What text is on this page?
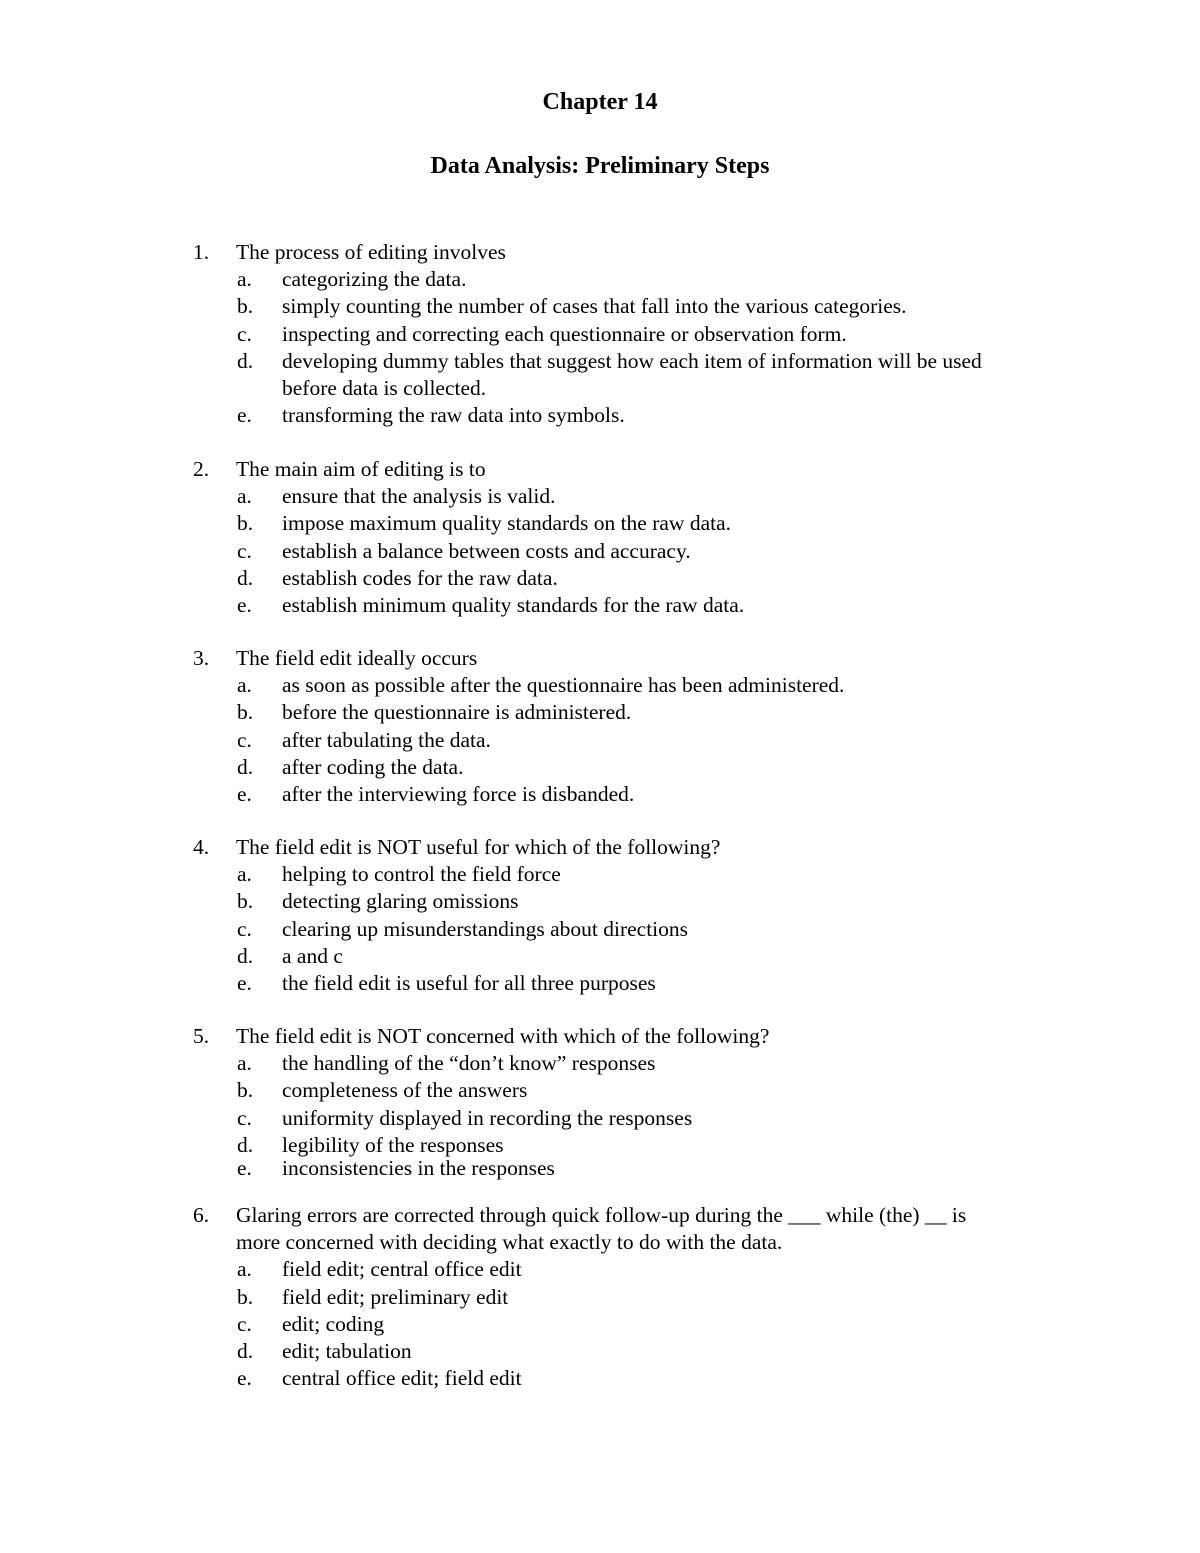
Chapter 14
Data Analysis: Preliminary Steps
1. The process of editing involves
a. categorizing the data.
b. simply counting the number of cases that fall into the various categories.
c. inspecting and correcting each questionnaire or observation form.
d. developing dummy tables that suggest how each item of information will be used
before data is collected.
e. transforming the raw data into symbols.
2. The main aim of editing is to
a. ensure that the analysis is valid.
b. impose maximum quality standards on the raw data.
c. establish a balance between costs and accuracy.
d. establish codes for the raw data.
e. establish minimum quality standards for the raw data.
3. The field edit ideally occurs
a. as soon as possible after the questionnaire has been administered.
b. before the questionnaire is administered.
c. after tabulating the data.
d. after coding the data.
e. after the interviewing force is disbanded.
4. The field edit is NOT useful for which of the following?
a. helping to control the field force
b. detecting glaring omissions
c. clearing up misunderstandings about directions
d. a and c
e. the field edit is useful for all three purposes
5. The field edit is NOT concerned with which of the following?
a. the handling of the “don’t know” responses
b. completeness of the answers
c. uniformity displayed in recording the responses
d. legibility of the responses
e. inconsistencies in the responses
6. Glaring errors are corrected through quick follow-up during the ___ while (the) __ is
more concerned with deciding what exactly to do with the data.
a. field edit; central office edit
b. field edit; preliminary edit
c. edit; coding
d. edit; tabulation
e. central office edit; field edit
